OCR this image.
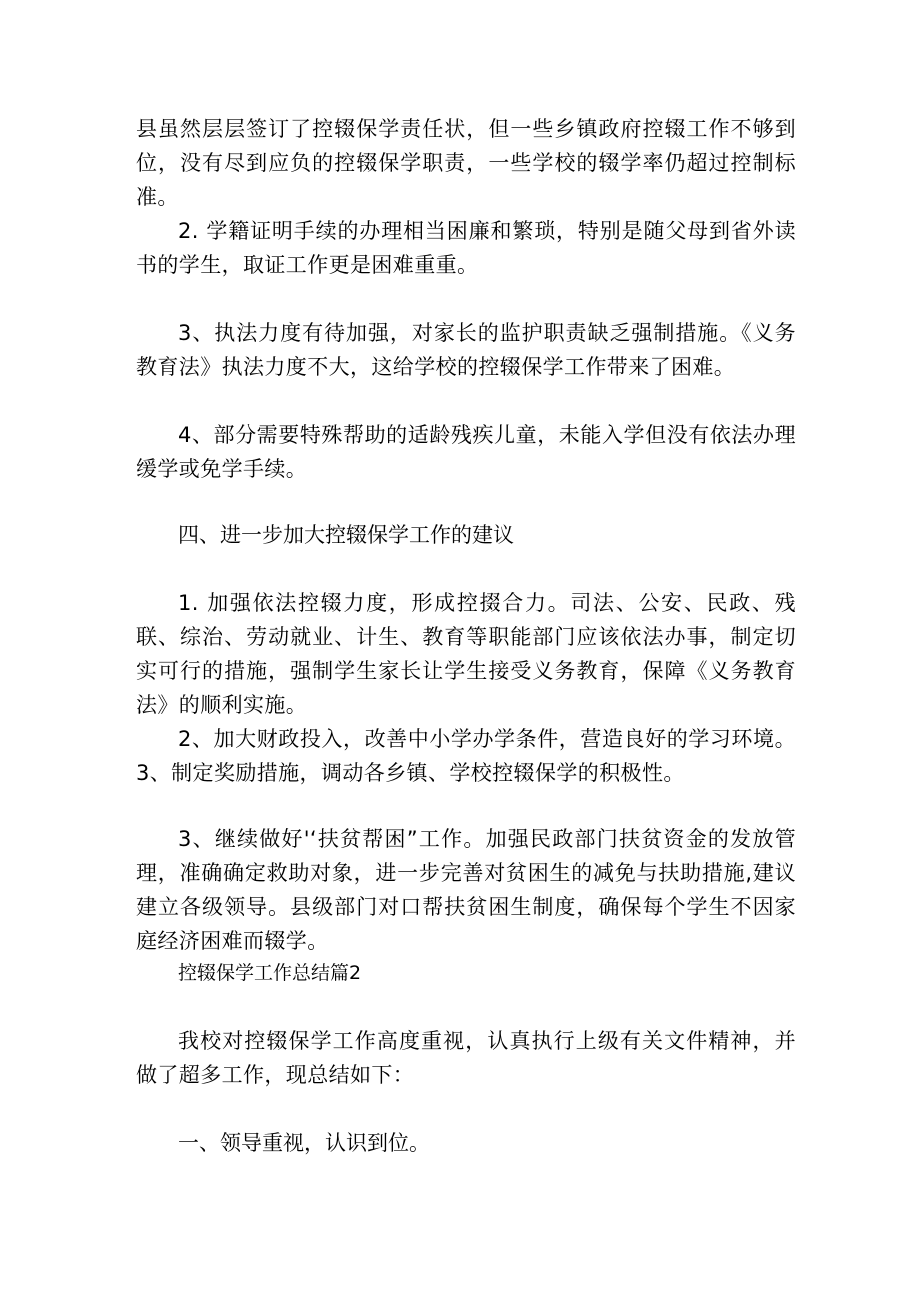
县虽然层层签订了控辍保学责任状，但一些乡镇政府控辍工作不够到位，没有尽到应负的控辍保学职责，一些学校的辍学率仍超过控制标准。

2. 学籍证明手续的办理相当困廉和繁琐，特别是随父母到省外读书的学生，取证工作更是困难重重。

3、执法力度有待加强，对家长的监护职责缺乏强制措施。《义务教育法》执法力度不大，这给学校的控辍保学工作带来了困难。

4、部分需要特殊帮助的适龄残疾儿童，未能入学但没有依法办理缓学或免学手续。

四、进一步加大控辍保学工作的建议

1. 加强依法控辍力度，形成控掇合力。司法、公安、民政、残联、综治、劳动就业、计生、教育等职能部门应该依法办事，制定切实可行的措施，强制学生家长让学生接受义务教育，保障《义务教育法》的顺利实施。

2、加大财政投入，改善中小学办学条件，营造良好的学习环境。3、制定奖励措施，调动各乡镇、学校控辍保学的积极性。

3、继续做好'‘扶贫帮困”工作。加强民政部门扶贫资金的发放管理，准确确定救助对象，进一步完善对贫困生的减免与扶助措施,建议建立各级领导。县级部门对口帮扶贫困生制度，确保每个学生不因家庭经济困难而辍学。

控辍保学工作总结篇2

我校对控辍保学工作高度重视，认真执行上级有关文件精神，并做了超多工作，现总结如下：

一、领导重视，认识到位。
